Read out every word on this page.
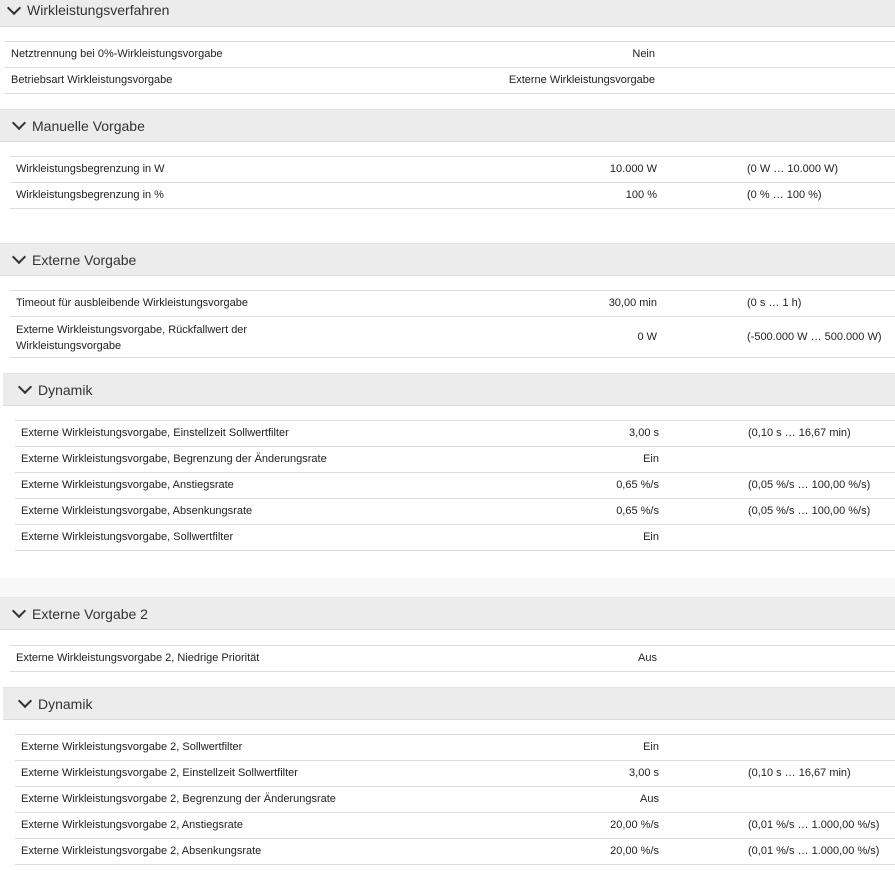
Wirkleistungsverfahren
Netztrennung bei 0%-Wirkleistungsvorgabe	Nein
Betriebsart Wirkleistungsvorgabe	Externe Wirkleistungsvorgabe
Manuelle Vorgabe
Wirkleistungsbegrenzung in W	10.000 W	(0 W … 10.000 W)
Wirkleistungsbegrenzung in %	100 %	(0 % … 100 %)
Externe Vorgabe
Timeout für ausbleibende Wirkleistungsvorgabe	30,00 min	(0 s … 1 h)
Externe Wirkleistungsvorgabe, Rückfallwert der
Wirkleistungsvorgabe
0 W	(-500.000 W … 500.000 W)
Dynamik
Externe Wirkleistungsvorgabe, Einstellzeit Sollwertfilter	3,00 s	(0,10 s … 16,67 min)
Externe Wirkleistungsvorgabe, Begrenzung der Änderungsrate	Ein
Externe Wirkleistungsvorgabe, Anstiegsrate	0,65 %/s	(0,05 %/s … 100,00 %/s)
Externe Wirkleistungsvorgabe, Absenkungsrate	0,65 %/s	(0,05 %/s … 100,00 %/s)
Externe Wirkleistungsvorgabe, Sollwertfilter	Ein
Externe Vorgabe 2
Externe Wirkleistungsvorgabe 2, Niedrige Priorität	Aus
Dynamik
Externe Wirkleistungsvorgabe 2, Sollwertfilter	Ein
Externe Wirkleistungsvorgabe 2, Einstellzeit Sollwertfilter	3,00 s	(0,10 s … 16,67 min)
Externe Wirkleistungsvorgabe 2, Begrenzung der Änderungsrate	Aus
Externe Wirkleistungsvorgabe 2, Anstiegsrate	20,00 %/s	(0,01 %/s … 1.000,00 %/s)
Externe Wirkleistungsvorgabe 2, Absenkungsrate	20,00 %/s	(0,01 %/s … 1.000,00 %/s)
